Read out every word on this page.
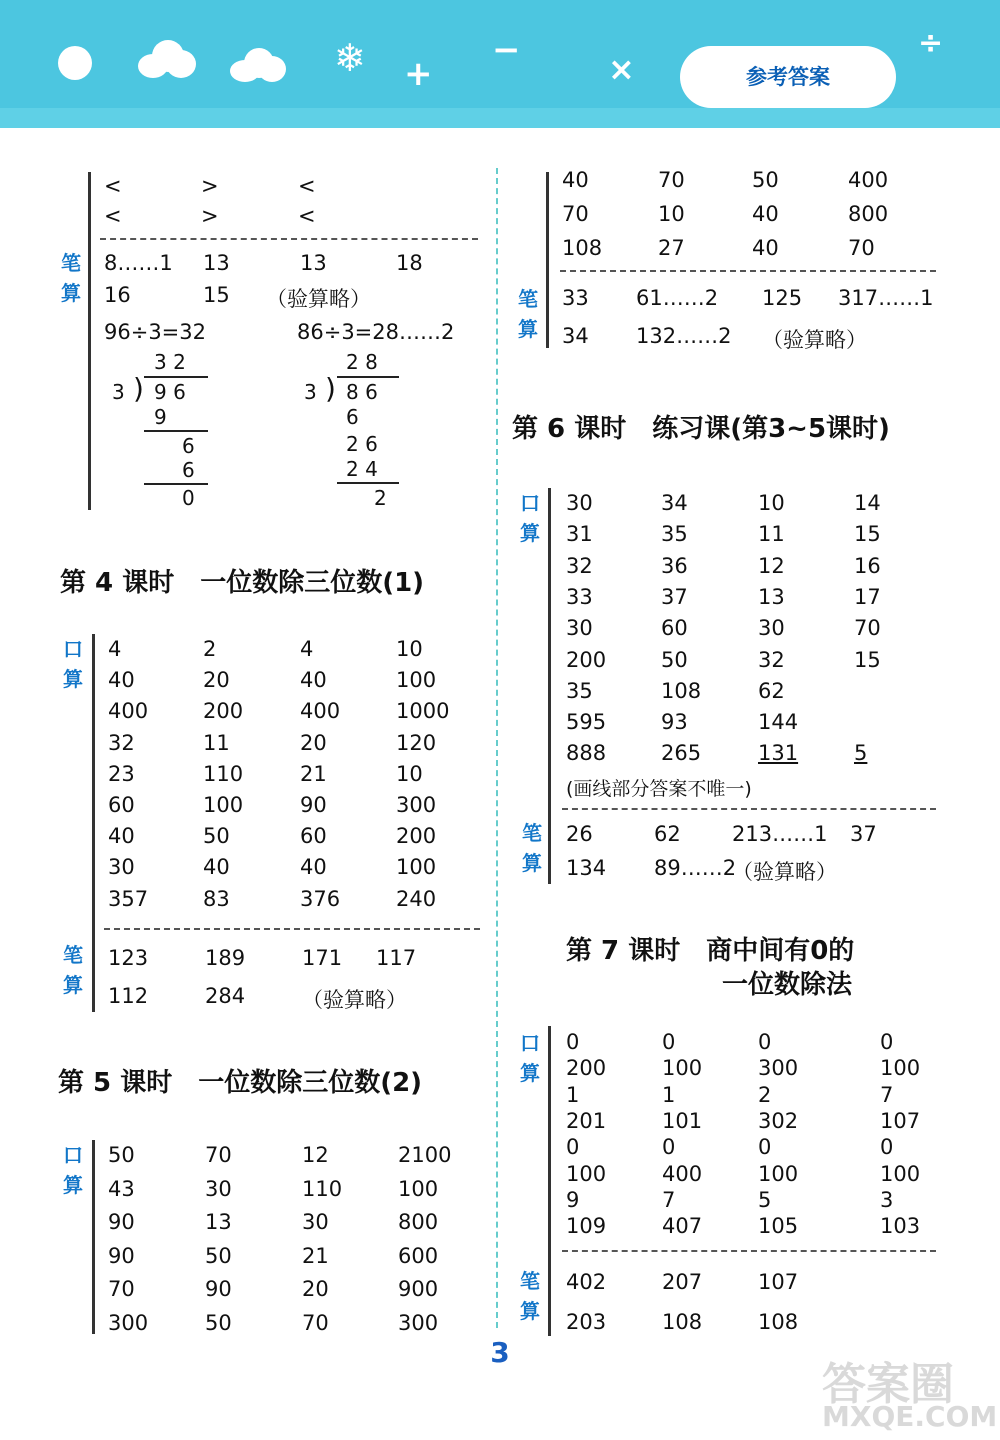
❄ +
−	×
÷
参考答案
<	>	<
<	>	<
笔
算
8……1 13	13	18
16	15 （验算略）
96÷3=32	86÷3=28……2
3 2
3 ) 9 6
9
6
6
0
2 8
3 ) 8 6
6
2 6
2 4
2
第 4 课时　一位数除三位数(1)
口
算
4	2	4	10
40	20	40	100
400	200	400	1000
32	11	20	120
23	110	21	10
60	100	90	300
40	50	60	200
30	40	40	100
357	83	376	240
笔
算
123	189	171 117
112	284	（验算略）
第 5 课时　一位数除三位数(2)
口
算
50	70	12	2100
43	30	110	100
90	13	30	800
90	50	21	600
70	90	20	900
300	50	70	300
40	70	50	400
70	10	40	800
108	27	40	70
笔
算
33 61……2 125 317……1
34 132……2 （验算略）
第 6 课时　练习课(第3~5课时)
口
算
30	34	10	14
31	35	11	15
32	36	12	16
33	37	13	17
30	60	30	70
200	50	32	15
35	108	62
595	93	144
888	265	131	5
(画线部分答案不唯一)
笔
算
26	62 213……1 37
134 89……2
（验算略）
第 7 课时　商中间有0的
一位数除法
口
算
0	0	0	0
200	100	300	100
1	1	2	7
201	101	302	107
0	0	0	0
100	400	100	100
9	7	5	3
109	407	105	103
笔
算
402	207	107
203	108	108
3
答案圈
MXQE.COM
